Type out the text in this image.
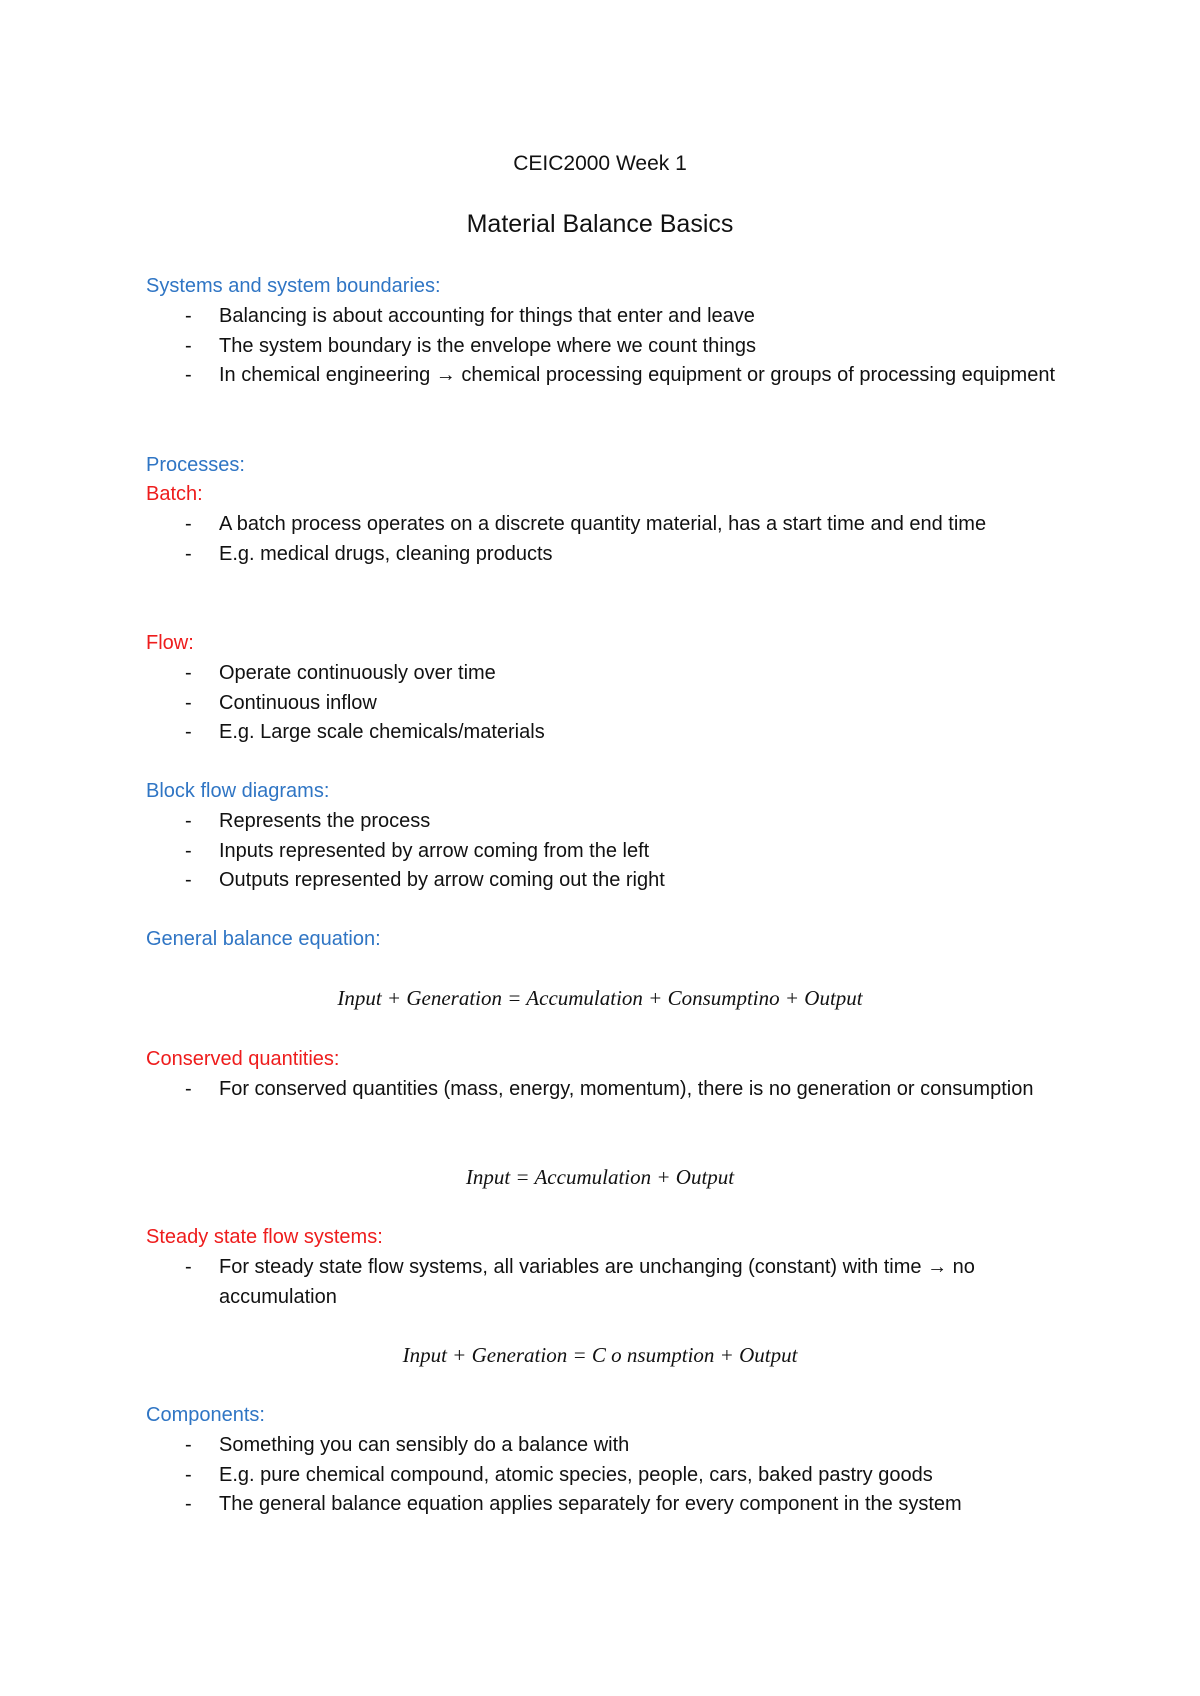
CEIC2000 Week 1
Material Balance Basics
Systems and system boundaries:
- Balancing is about accounting for things that enter and leave
- The system boundary is the envelope where we count things
- In chemical engineering → chemical processing equipment or groups of processing equipment
Processes:
Batch:
- A batch process operates on a discrete quantity material, has a start time and end time
- E.g. medical drugs, cleaning products
Flow:
- Operate continuously over time
- Continuous inflow
- E.g. Large scale chemicals/materials
Block flow diagrams:
- Represents the process
- Inputs represented by arrow coming from the left
- Outputs represented by arrow coming out the right
General balance equation:
Input + Generation = Accumulation + Consumptino + Output
Conserved quantities:
- For conserved quantities (mass, energy, momentum), there is no generation or consumption
Input = Accumulation + Output
Steady state flow systems:
- For steady state flow systems, all variables are unchanging (constant) with time → no accumulation
Input + Generation = C o nsumption + Output
Components:
- Something you can sensibly do a balance with
- E.g. pure chemical compound, atomic species, people, cars, baked pastry goods
- The general balance equation applies separately for every component in the system
